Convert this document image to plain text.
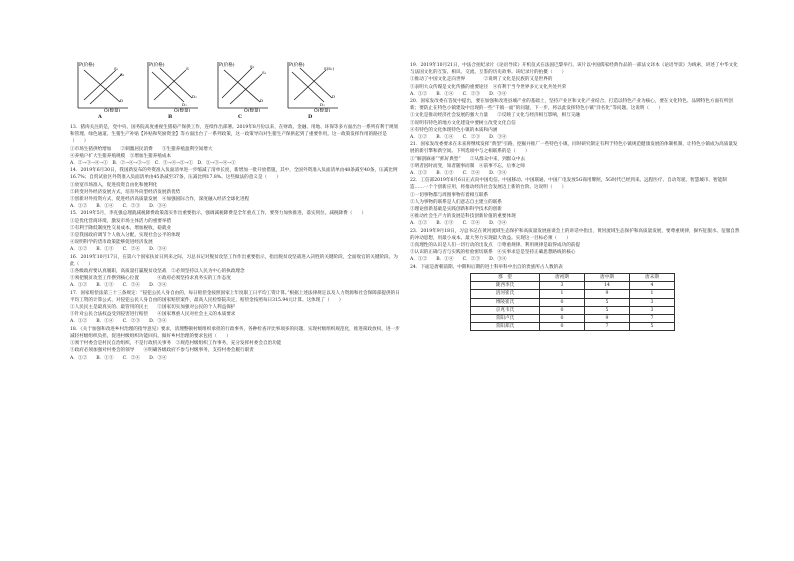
P(价格)
Q(数量)
S₁
S₂
D
A
P(价格)
Q(数量)
S
D₁
D₂
B
P(价格)
Q(数量)
S₂
S₁
D
C
P(价格)
Q(数量)
S(S₁)
D₁
D
D
13．猪肉关注的是，党中央、国务院高度重视生猪稳产保供工作，连续作出部署。2019年8月份以来，在财政、金融、用地、环保等多方面出台一系列有利于规划和管理、绿色通道、生猪生产补贴【补贴和奖励资金】等方面出台了一系列政策，这一政策导向对生猪生产保供起到了重要作用。这一政策发挥作用的路径是（　　）
①市场生猪供给增加　　②刺激居民消费　　③生猪养殖盈利空间增大
④养殖户扩大生猪养殖规模　⑤增加生猪养殖成本
A．②→③→④→①　B．②→④→③→①　C．③→④→⑤→①　D．⑤→③→④→①
14．2019年6月30日，我国新发布的外资准入负面清单进一步缩减了清单长度，新增加一批开放措施，其中，全国外资准入负面清单由48条减至40条，压减比例16.7%；自贸试验区外资准入负面清单由45条减至37条，压减比例17.8%。这些做法的意义是（　　）
①放宽市场准入，促进投资自由化和便利化
②转变对外经济发展方式，培育外向型经济发展新优势
③创新对外投资方式，促进经济高质量发展　④加强国际合作，深度融入经济全球化进程
A．①②　　B．①④　　C．②③　　D．③④
15．2019年5月，李克强总理就减税降费政策落实作出重要指示，强调减税降费是全年重点工作，要努力加快推进，落实到位。减税降费（　　）
①是优化营商环境，激发市场主体活力的重要举措
②有利于降低制度性交易成本，增加税收，稳就业
③是我国政府调节个人收入分配，实现社会公平的体现
④说明科学的货币政策能够促进经济发展
A．①②　　B．①③　　C．②④　　D．③④
16．2019年10月17日，在第六个国家扶贫日到来之际，习总书记对脱贫攻坚工作作出重要指示，指出脱贫攻坚战进入决胜的关键阶段，全面收官的关键阶段。为此（　　）
①各级政府要认真履职，高质量打赢脱贫攻坚战　②必须坚持以人民为中心的执政理念
③须把脱贫攻坚工作摆到核心位置　　　　④政府必须坚持求真务实的工作态度
A．①②　　B．①③　　C．②④　　D．③④
17．国家赔偿法第三十三条规定：“侵犯公民人身自由的，每日赔偿金按照国家上年度职工日平均工资计算。”根据上述法律规定以及人力资源和社会保障部提供的日平均工资的计算公式，对侵犯公民人身自由的国家赔偿案件，最高人民检察院决定，赔偿金按照每日315.94元计算。这体现了（　　）
①人民民主是最真实的、最管用的民主　　②国家切实加强对公民的个人利益保护
③针对公民合法权益受到侵害进行赔偿　　④国家尊重人民对社会主义的本质要求
A．①②　　B．①④　　C．②③　　D．③④
18．《关于加强和改进乡村治理的指导意见》要求，清理整顿村级组织承担的行政事务，各种检查评比事项多的问题，实现村级组织规范化，推进简政放权，进一步减轻村级组织负担，促进村级组织功能回归。做好乡村治理的要求包括（　　）
①须于村委会是村民自治组织，不是行政机关事务　②规范村级组织工作事务，充分发挥村委会自治功能
③政府必须加强对村委会的领导　　④明确各级政府不参与村级事务，支持村委会履行职责
A．①②　　B．①③　　C．②④　　D．③④
19．2019年10月21日，中法合拍纪录片《论语导读》开机仪式在法国巴黎举行。该片以中国儒家经典作品的一部法文译本《论语导读》为线索，讲述了中华文化与法国文化的互鉴、相识、交流、互鉴的历史故事。该纪录片的拍摄（　　）
①推动了中国文化走向世界　　　　②说明了文化是民族的又是世界的
③表明大众传媒是文化传播的重要途径　④有利于当今世界多元文化共处共荣
A．①②　　B．①④　　C．②③　　D．③④
20．国家发改委在答复中提出，要在加强和改进县城产业的基础上，坚持产业区和文化产业结合，打造以特色产业为核心，要在文化特色、品牌特色方面有所创新；要防止在特色小镇建设中出现的一些“千镇一面”的问题，下一步，将以此发挥特色小镇“洋名化”等问题。这说明（　　）
①文化是推动经济社会发展的强大力量　　②反映了文化与经济相互影响，相互交融
③说明有特色的地方文化建设中要树立改变文化自信
④有特色的文化体现特色小镇的本质和内涵
A．①②　　B．①④　　C．②③　　D．③④
21．国家发改委要求在未来将继续发挥“典型”引路，挖掘并推广一些特色小镇，同时研究制定有利于特色小镇规范健康发展的体制机制，让特色小镇成为高质量发展的新引擎和新空间。下列选项中与之相联系的是（　　）
①“解剖麻雀”“抓好典型”　　②从群众中来，到群众中去
③明者因时而变，知者随事而制　④前事不忘，后事之师
A．①②　　B．①③　　C．②④　　D．③④
22．工信部2019年6月6日正式向中国电信、中国移动、中国联通、中国广电发放5G商用牌照，5G时代已经到来。远程医疗、自动驾驶、智慧城市、智能制造……一个个创新应用，将推动经济社会发展迈上新的台阶。这说明（　　）
①一切事物都与周围事物有着相互联系
②人为事物的联系是人们意志自主建立的联系
③理论创新基础是实践创新和科学技术的创新
④推动社会生产力的发展是科技创新价值的重要体现
A．①②　　B．①③　　C．②④　　D．③④
23．2019年9月18日，习总书记在黄河流域生态保护和高质量发展座谈会上的讲话中指出，黄河流域生态保护和高质量发展，要尊重规律，摒弃征服水、征服自然的冲动思想，用最小成本、最大努力实现最大效益。实现这一目标必须（　　）
①真理性的认识是人们一切行动的出发点　②尊重规律、利用规律是取得成功的前提
③认识的正确与否与实践的检验密切联系　④实事求是是坚持正确思想路线的核心
A．①②　　B．①④　　C．②③　　D．③④
24．下面是唐朝前期、中期和后期的进士科举科中出自的贵族所占人数的表
郡　望	唐初期	唐中期	唐末期
陇西李氏	3	14	4
清河崔氏	1	9	1
博陵崔氏	0	5	3
京兆韦氏	0	5	3
荥阳卢氏	0	9	7
荥阳郑氏	0	7	5
